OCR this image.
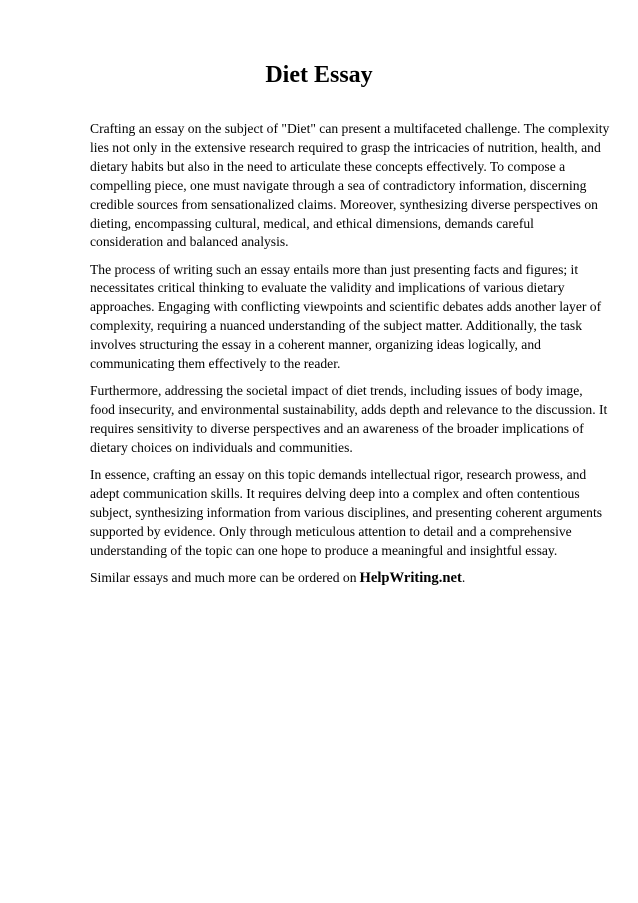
Diet Essay

Crafting an essay on the subject of "Diet" can present a multifaceted challenge. The complexity lies not only in the extensive research required to grasp the intricacies of nutrition, health, and dietary habits but also in the need to articulate these concepts effectively. To compose a compelling piece, one must navigate through a sea of contradictory information, discerning credible sources from sensationalized claims. Moreover, synthesizing diverse perspectives on dieting, encompassing cultural, medical, and ethical dimensions, demands careful consideration and balanced analysis.

The process of writing such an essay entails more than just presenting facts and figures; it necessitates critical thinking to evaluate the validity and implications of various dietary approaches. Engaging with conflicting viewpoints and scientific debates adds another layer of complexity, requiring a nuanced understanding of the subject matter. Additionally, the task involves structuring the essay in a coherent manner, organizing ideas logically, and communicating them effectively to the reader.

Furthermore, addressing the societal impact of diet trends, including issues of body image, food insecurity, and environmental sustainability, adds depth and relevance to the discussion. It requires sensitivity to diverse perspectives and an awareness of the broader implications of dietary choices on individuals and communities.

In essence, crafting an essay on this topic demands intellectual rigor, research prowess, and adept communication skills. It requires delving deep into a complex and often contentious subject, synthesizing information from various disciplines, and presenting coherent arguments supported by evidence. Only through meticulous attention to detail and a comprehensive understanding of the topic can one hope to produce a meaningful and insightful essay.

Similar essays and much more can be ordered on HelpWriting.net.
